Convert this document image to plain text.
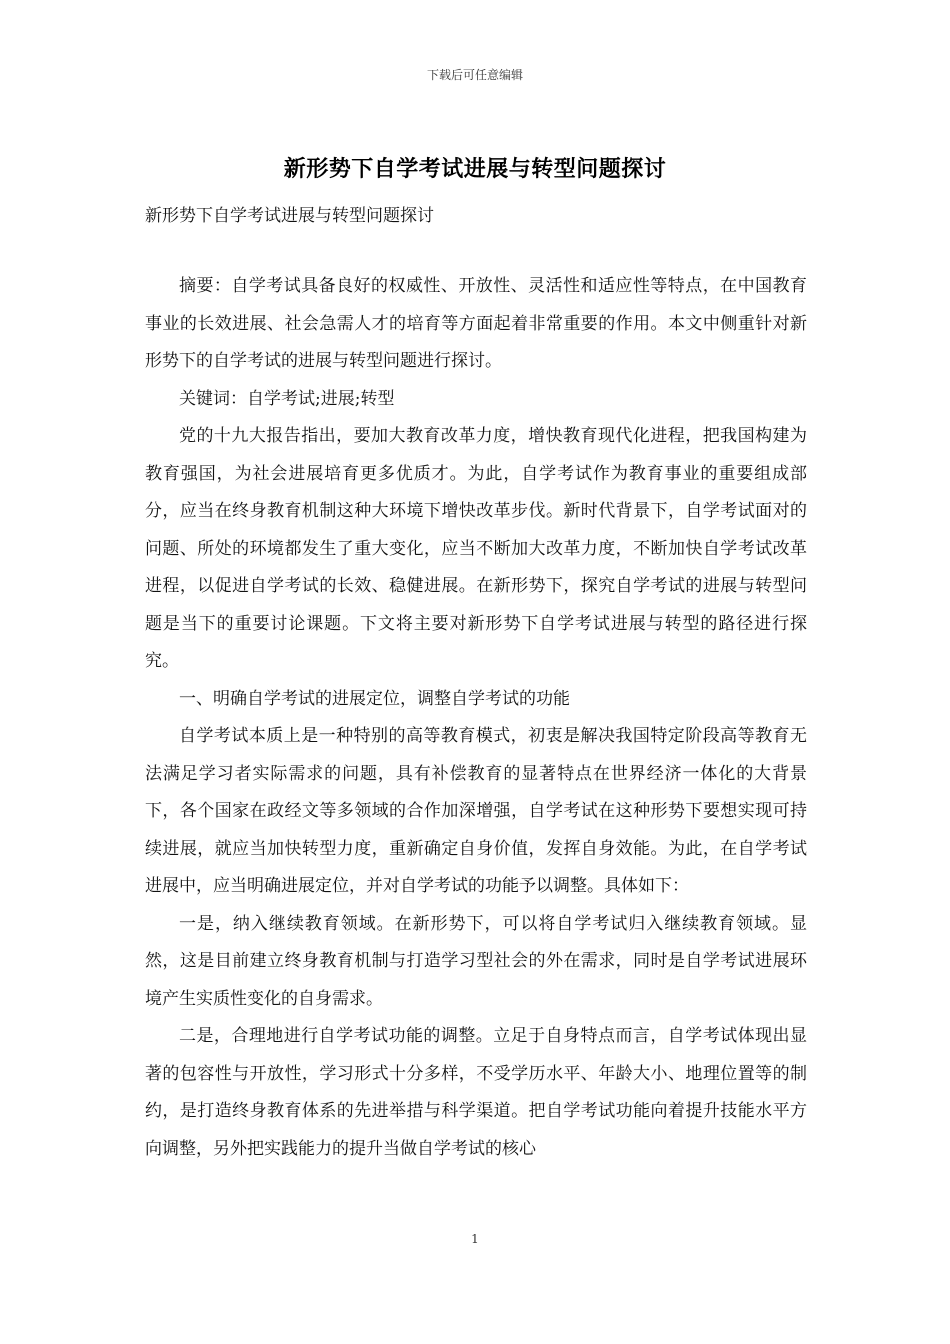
下载后可任意编辑
新形势下自学考试进展与转型问题探讨
新形势下自学考试进展与转型问题探讨

摘要：自学考试具备良好的权威性、开放性、灵活性和适应性等特点，在中国教育事业的长效进展、社会急需人才的培育等方面起着非常重要的作用。本文中侧重针对新形势下的自学考试的进展与转型问题进行探讨。

关键词：自学考试;进展;转型

党的十九大报告指出，要加大教育改革力度，增快教育现代化进程，把我国构建为教育强国，为社会进展培育更多优质才。为此，自学考试作为教育事业的重要组成部分，应当在终身教育机制这种大环境下增快改革步伐。新时代背景下，自学考试面对的问题、所处的环境都发生了重大变化，应当不断加大改革力度，不断加快自学考试改革进程，以促进自学考试的长效、稳健进展。在新形势下，探究自学考试的进展与转型问题是当下的重要讨论课题。下文将主要对新形势下自学考试进展与转型的路径进行探究。

一、明确自学考试的进展定位，调整自学考试的功能

自学考试本质上是一种特别的高等教育模式，初衷是解决我国特定阶段高等教育无法满足学习者实际需求的问题，具有补偿教育的显著特点在世界经济一体化的大背景下，各个国家在政经文等多领域的合作加深增强，自学考试在这种形势下要想实现可持续进展，就应当加快转型力度，重新确定自身价值，发挥自身效能。为此，在自学考试进展中，应当明确进展定位，并对自学考试的功能予以调整。具体如下：

一是，纳入继续教育领域。在新形势下，可以将自学考试归入继续教育领域。显然，这是目前建立终身教育机制与打造学习型社会的外在需求，同时是自学考试进展环境产生实质性变化的自身需求。

二是，合理地进行自学考试功能的调整。立足于自身特点而言，自学考试体现出显著的包容性与开放性，学习形式十分多样，不受学历水平、年龄大小、地理位置等的制约，是打造终身教育体系的先进举措与科学渠道。把自学考试功能向着提升技能水平方向调整，另外把实践能力的提升当做自学考试的核心

1
